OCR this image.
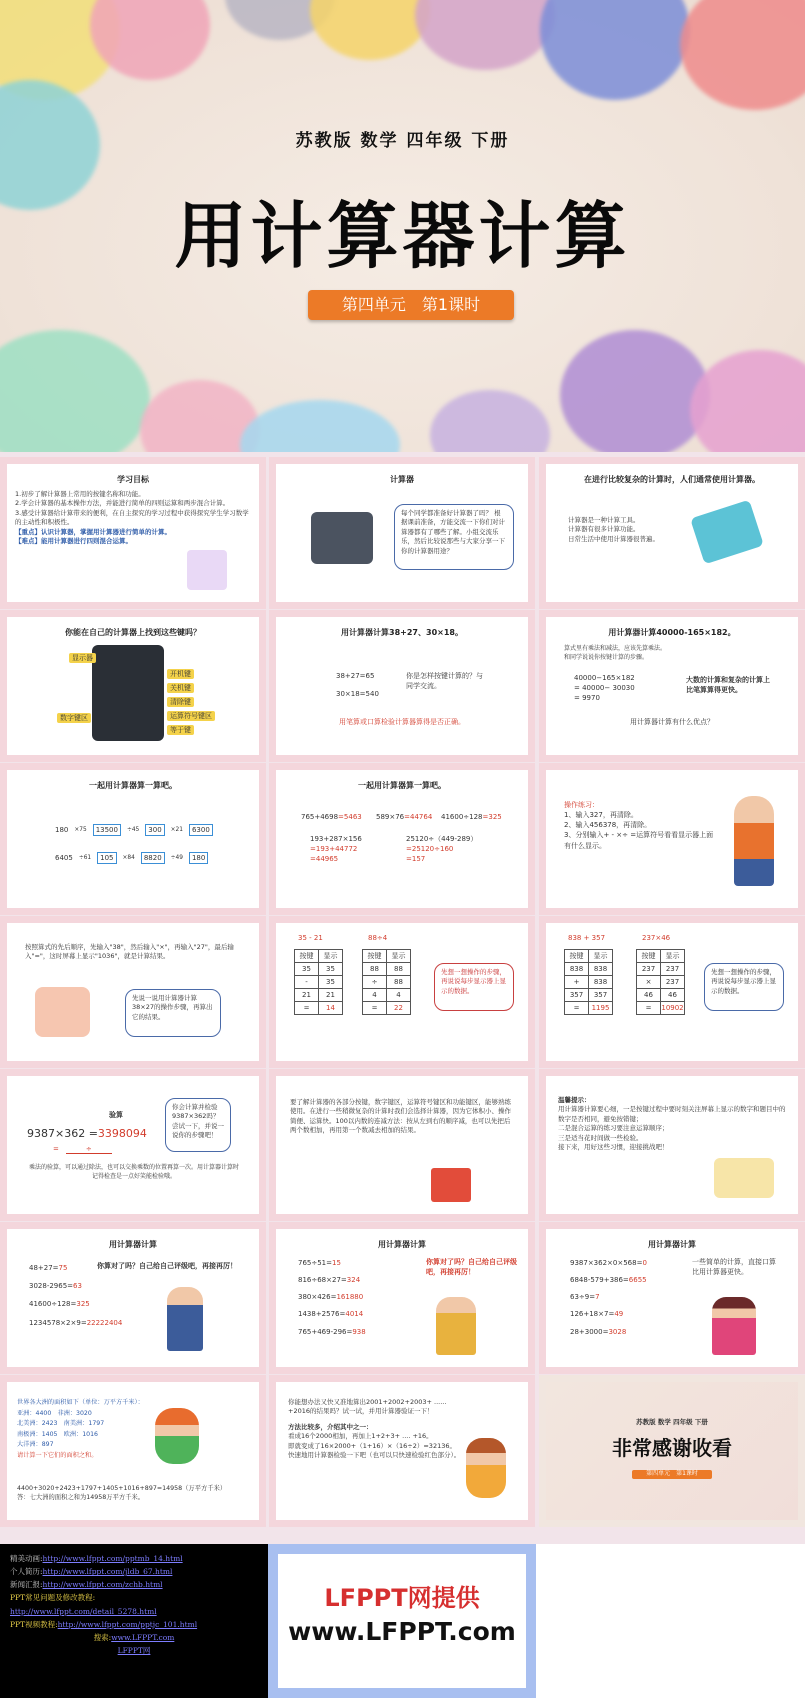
苏教版 数学 四年级 下册
用计算器计算
第四单元　第1课时
学习目标
1.初步了解计算器上常用的按键名称和功能。
2.学会计算器的基本操作方法，并能进行简单的四则运算和两步混合计算。
3.感受计算器给计算带来的便利，在自主探究的学习过程中获得探究学生学习数学的主动性和积极性。
【重点】认识计算器，掌握用计算器进行简单的计算。
【难点】能用计算器进行四则混合运算。
计算器
每个同学都准备好计算器了吗？ 根据课前准备，方能交流一下你们对计算器都有了哪些了解。小组交流乐乐，然后比较说那些与大家分享一下你的计算器用途？
在进行比较复杂的计算时，人们通常使用计算器。
计算器是一种计算工具。
计算器有很多计算功能。
日常生活中使用计算器很普遍。
你能在自己的计算器上找到这些键吗？
显示器
开机键
关机键
清除键
数字键区	运算符号键区
等于键
用计算器计算38+27、30×18。
38+27=65
30×18=540
你是怎样按键计算的？与同学交流。
用笔算或口算检验计算器算得是否正确。
用计算器计算40000-165×182。
算式里有乘法和减法，应该先算乘法。
和同学说说你按键计算的步骤。
40000−165×182
= 40000− 30030
= 9970
大数的计算和复杂的计算上比笔算算得更快。
用计算器计算有什么优点？
一起用计算器算一算吧。
180 ×75	13500	÷45	300	×21	6300
6405 ÷61	105	×84	8820	÷49	180
一起用计算器算一算吧。
765+4698=5463 589×76=44764 41600÷128=325
193+287×156
=193+44772
=44965
25120÷（449-289）
=25120÷160
=157
操作练习：
1、输入327，再清除。
2、输入456378，再清除。
3、分别输入+ - ×÷ =运算符号看看显示器上面有什么显示。
按照算式的先后顺序，先输入"38"，然后输入"×"，再输入"27"，最后输入"="，这时屏幕上显示"1036"，就是计算结果。
先说一说用计算器计算38×27的操作步骤，再算出它的结果。
35 - 21	88÷4
按键	显示
35	35
-	35
21	21
=	14
按键	显示
88	88
÷	88
4	4
=	22
先想一想操作的步骤，再说说每步显示器上显示的数据。
838 + 357	237×46
按键	显示
838	838
+	838
357	357
=	1195
按键	显示
237	237
×	237
46	46
=	10902
先想一想操作的步骤，再说说每步显示器上显示的数据。
验算
9387×362 =3398094
=　	÷
你会计算并检验9387×362吗？ 尝试一下，并说一说你的步骤吧！
乘法的验算，可以通过除法，也可以交换乘数的位置再算一次。用计算器计算时记得检查是一点好笑能检验哦。
要了解计算器的各部分按键，数字键区，运算符号键区和功能键区，能够熟练使用。在进行一些稍微复杂的计算时我们会选择计算器，因为它体积小、操作简便、运算快。100以内数的连减方法：按从左到右的顺序减，也可以先把后两个数相加，再用第一个数减去相加的结果。
温馨提示：
用计算器计算要心细，一是按键过程中要时刻关注屏幕上显示的数字和题目中的数字是否相同，避免按错键；
二是混合运算的练习要注意运算顺序；
三是适当花时间做一些检验。
接下来，用好这些习惯，迎接挑战吧！
用计算器计算
48+27=75
3028-2965=63
41600÷128=325
1234578×2×9=22222404
你算对了吗？自己给自己评级吧，再接再厉！
用计算器计算
765÷51=15
816÷68×27=324
380×426=161880
1438+2576=4014
765+469-296=938
你算对了吗？自己给自己评级吧，再接再厉！
用计算器计算
9387×362×0×568=0
6848-579+386=6655
63÷9=7
126+18×7=49
28+3000=3028
一些简单的计算，直接口算比用计算器更快。
世界各大洲的面积如下（单位：万平方千米）：
亚洲：4400　非洲：3020
北美洲：2423　南美洲：1797
南极洲：1405　欧洲：1016
大洋洲：897
请计算一下它们的面积之和。
4400+3020+2423+1797+1405+1016+897=14958（万平方千米）
答：七大洲的面积之和为14958万平方千米。
你能想办法又快又准地算出2001+2002+2003+ ......
+2016的结果吗？试一试，并用计算器验证一下！
方法比较多，介绍其中之一：
看成16个2000相加，再加上1+2+3+ .... +16。
即就变成了16×2000+（1+16）×（16÷2）=32136。
快速地用计算器检验一下吧（也可以只快速检验红色部分）。
苏教版 数学 四年级 下册
非常感谢收看
第四单元　第1课时
精美动画:http://www.lfppt.com/pptmb_14.html
个人简历:http://www.lfppt.com/jldb_67.html
新闻汇报:http://www.lfppt.com/zchb.html
PPT常见问题及修改教程:
http://www.lfppt.com/detail_5278.html
PPT视频教程:http://www.lfppt.com/pptjc_101.html
搜索:www.LFPPT.com
LFPPT网
LFPPT网提供
www.LFPPT.com
